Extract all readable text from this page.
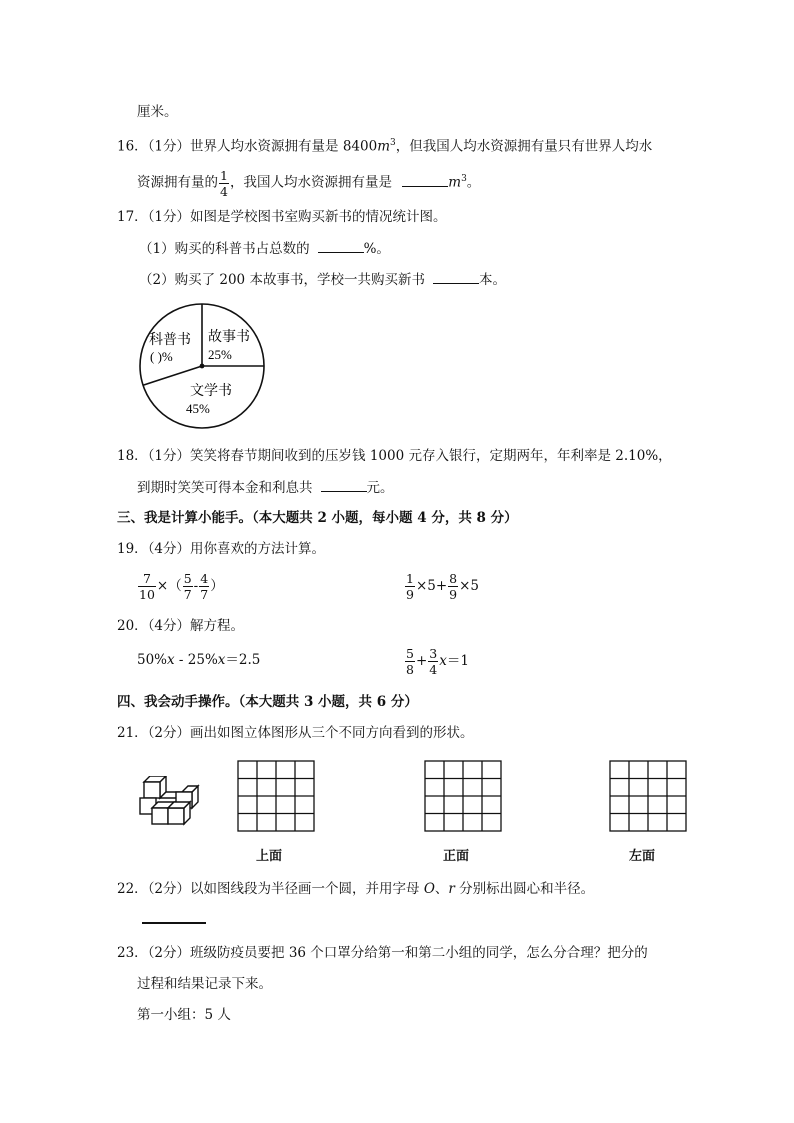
厘米。
16．（1分）世界人均水资源拥有量是 $8400m^3$，但我国人均水资源拥有量只有世界人均水
资源拥有量的 $\frac{1}{4}$ ，我国人均水资源拥有量是	$m^3$。
17．（1分）如图是学校图书室购买新书的情况统计图。
（1）购买的科普书占总数的	%。
（2）购买了 200 本故事书，学校一共购买新书	本。
故事书
25%
文学书
45%
科普书
( )%
18．（1分）笑笑将春节期间收到的压岁钱 1000 元存入银行，定期两年，年利率是 2.10%，
到期时笑笑可得本金和利息共	元。
三、我是计算小能手。（本大题共 2 小题，每小题 4 分，共 8 分）
19．（4分）用你喜欢的方法计算。
$\frac{7}{10}$ ×（ $\frac{5}{7} - \frac{4}{7}$ ）	$\frac{1}{9} \times 5+ \frac{8}{9} \times 5$
20．（4分）解方程。
50%x - 25%x＝2.5	$\frac{5}{8} + \frac{3}{4} x=1$
四、我会动手操作。（本大题共 3 小题，共 6 分）
21．（2分）画出如图立体图形从三个不同方向看到的形状。
上面	正面	左面
22．（2分）以如图线段为半径画一个圆，并用字母 O、r 分别标出圆心和半径。
23．（2分）班级防疫员要把 36 个口罩分给第一和第二小组的同学，怎么分合理？把分的
过程和结果记录下来。
第一小组：5 人
